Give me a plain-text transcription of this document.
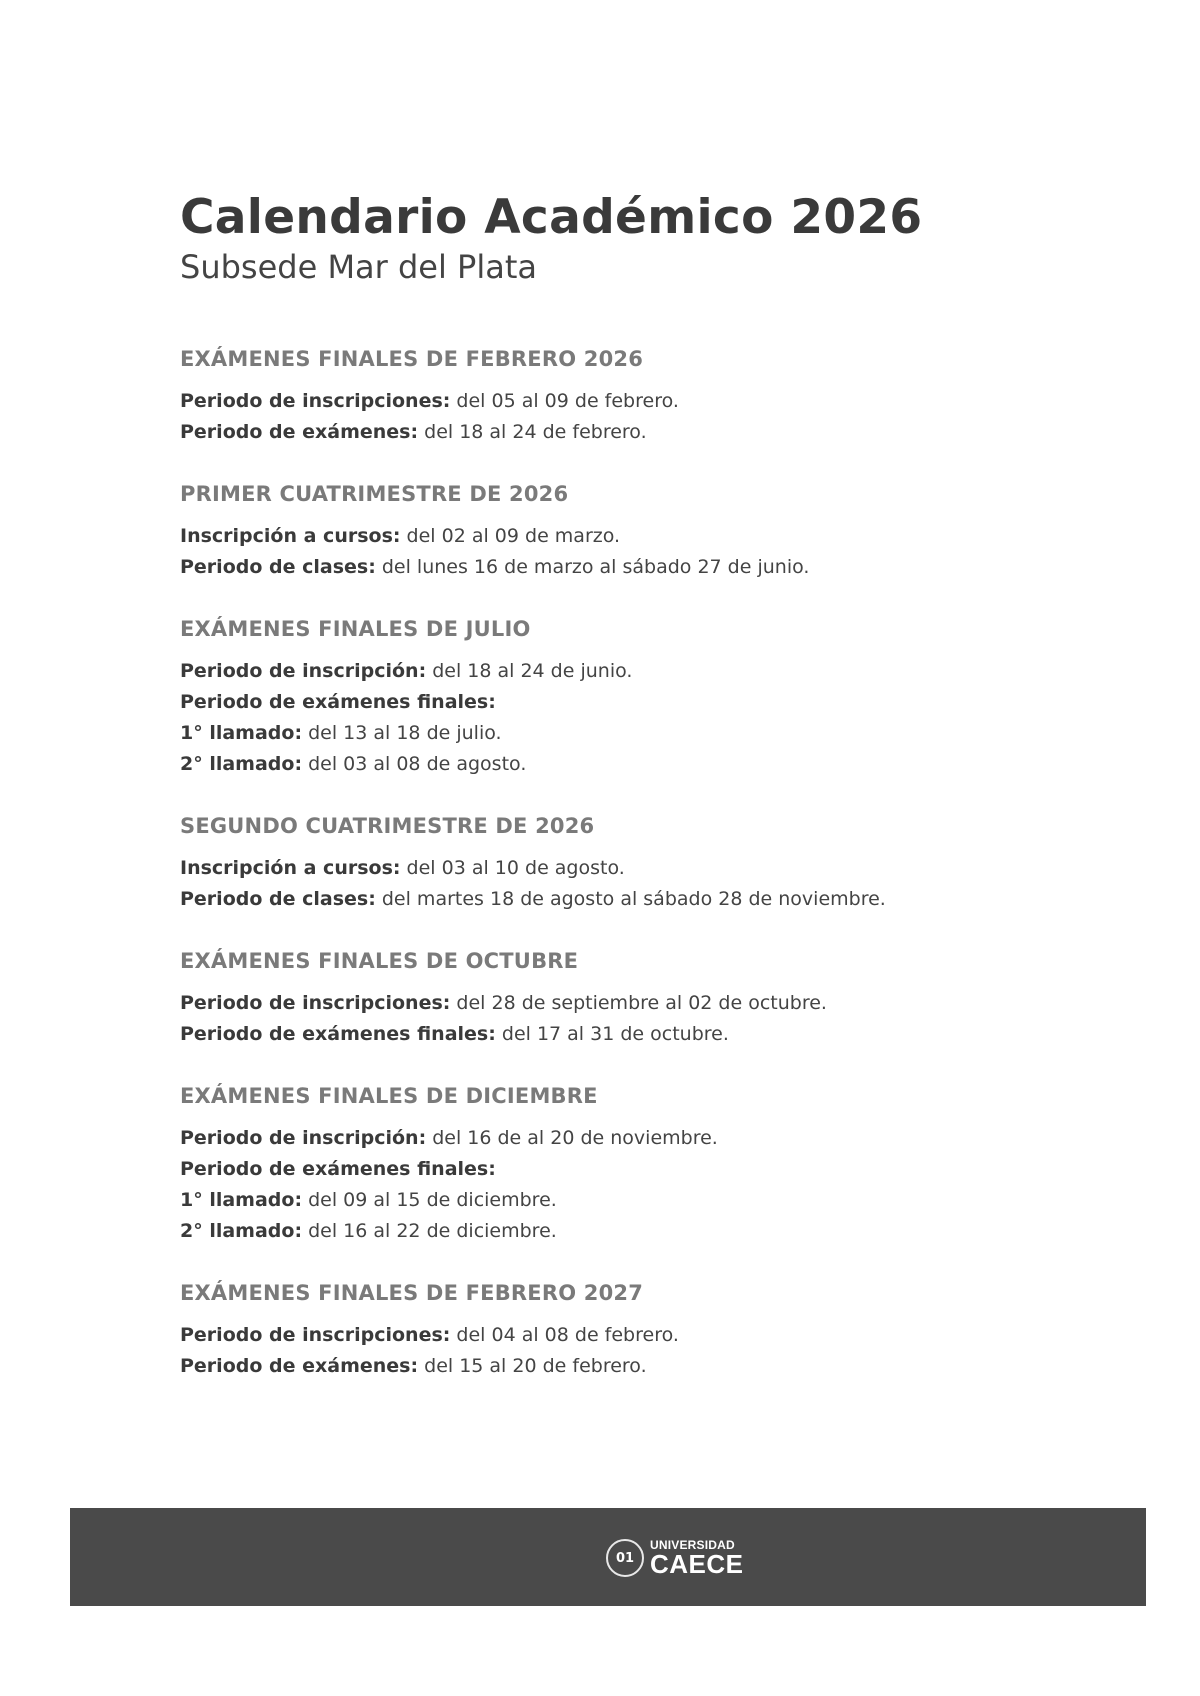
Calendario Académico 2026
Subsede Mar del Plata
EXÁMENES FINALES DE FEBRERO 2026

Periodo de inscripciones: del 05 al 09 de febrero.

Periodo de exámenes: del 18 al 24 de febrero.

PRIMER CUATRIMESTRE DE 2026

Inscripción a cursos: del 02 al 09 de marzo.

Periodo de clases: del lunes 16 de marzo al sábado 27 de junio.

EXÁMENES FINALES DE JULIO

Periodo de inscripción: del 18 al 24 de junio.

Periodo de exámenes finales:

1° llamado: del 13 al 18 de julio.

2° llamado: del 03 al 08 de agosto.

SEGUNDO CUATRIMESTRE DE 2026

Inscripción a cursos: del 03 al 10 de agosto.

Periodo de clases: del martes 18 de agosto al sábado 28 de noviembre.

EXÁMENES FINALES DE OCTUBRE

Periodo de inscripciones: del 28 de septiembre al 02 de octubre.

Periodo de exámenes finales: del 17 al 31 de octubre.

EXÁMENES FINALES DE DICIEMBRE

Periodo de inscripción: del 16 de al 20 de noviembre.

Periodo de exámenes finales:

1° llamado: del 09 al 15 de diciembre.

2° llamado: del 16 al 22 de diciembre.

EXÁMENES FINALES DE FEBRERO 2027

Periodo de inscripciones: del 04 al 08 de febrero.

Periodo de exámenes: del 15 al 20 de febrero.

01
UNIVERSIDAD
CAECE
